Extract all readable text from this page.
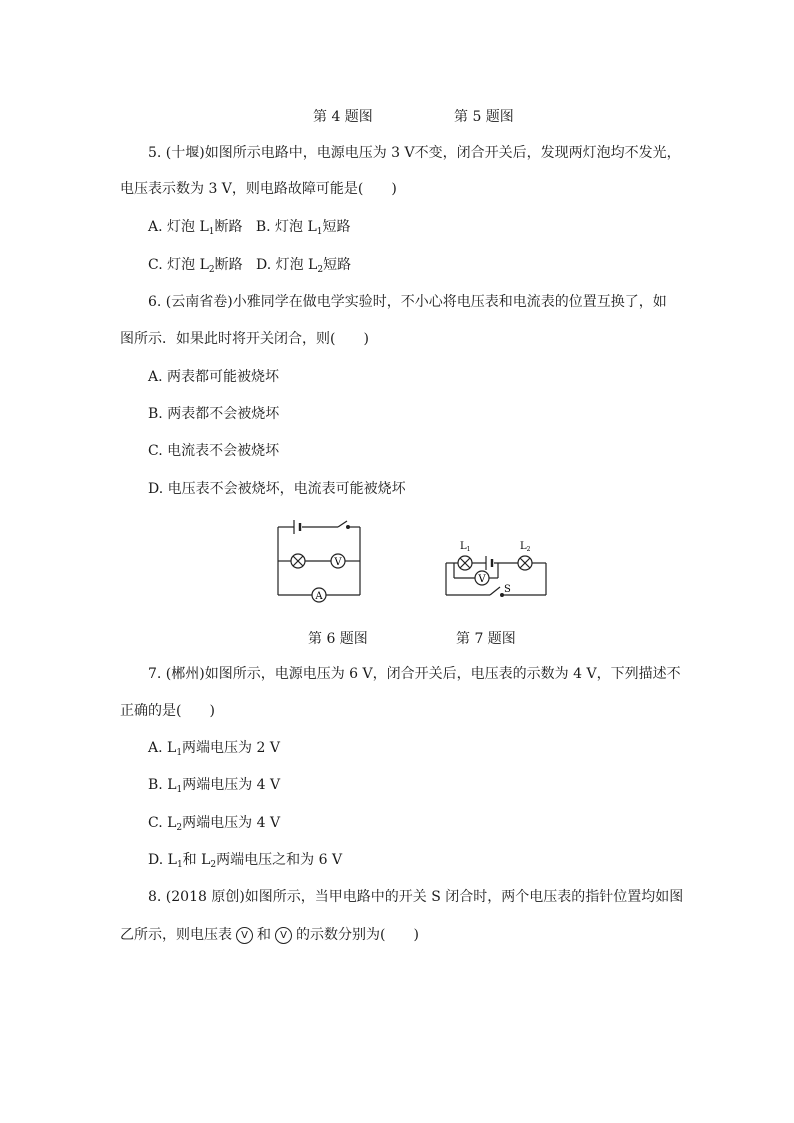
第 4 题图	第 5 题图
5. (十堰)如图所示电路中，电源电压为 3 V不变，闭合开关后，发现两灯泡均不发光，
电压表示数为 3 V，则电路故障可能是(　　)
A. 灯泡 $L_1$断路 B. 灯泡 $L_1$短路
C. 灯泡 $L_2$断路 D. 灯泡 $L_2$短路
6. (云南省卷)小雅同学在做电学实验时，不小心将电压表和电流表的位置互换了，如
图所示．如果此时将开关闭合，则(　　)
A. 两表都可能被烧坏
B. 两表都不会被烧坏
C. 电流表不会被烧坏
D. 电压表不会被烧坏，电流表可能被烧坏
V
A
$L_1$	$L_2$
V
S
第 6 题图	第 7 题图
7. (郴州)如图所示，电源电压为 6 V，闭合开关后，电压表的示数为 4 V，下列描述不
正确的是(　　)
A. $L_1$两端电压为 2 V
B. $L_1$两端电压为 4 V
C. $L_2$两端电压为 4 V
D. $L_1$和 $L_2$两端电压之和为 6 V
8. (2018 原创)如图所示，当甲电路中的开关 S 闭合时，两个电压表的指针位置均如图
乙所示，则电压表 V 和 V 的示数分别为(　　)
